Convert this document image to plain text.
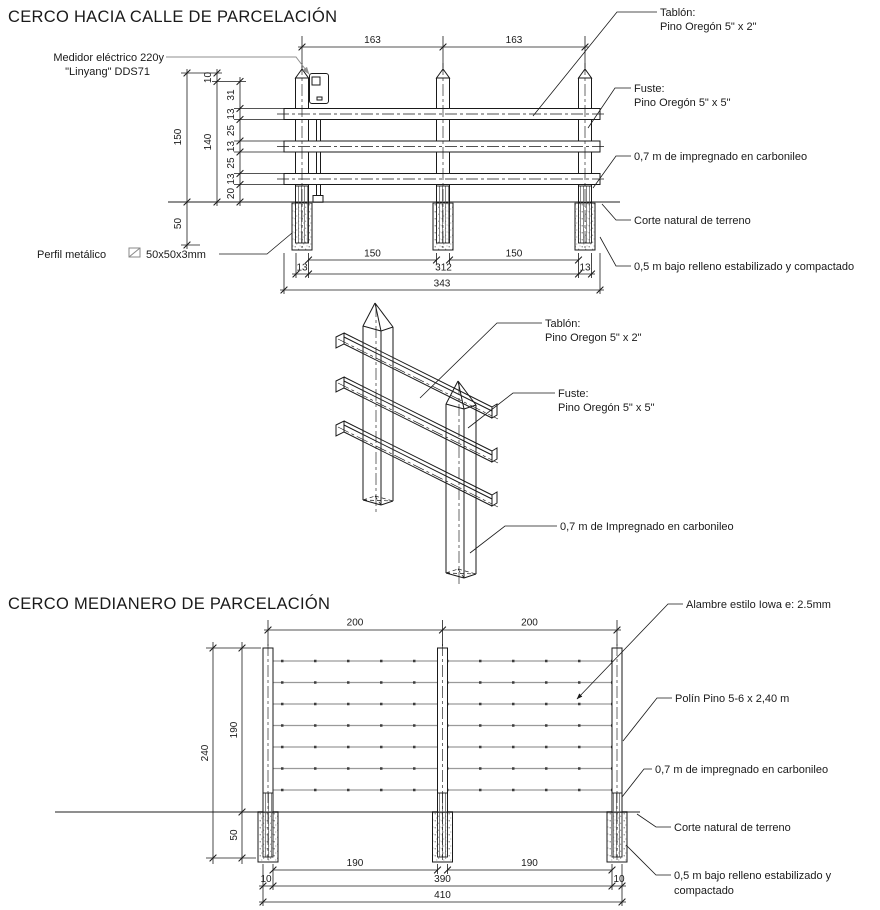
CERCO HACIA CALLE DE PARCELACIÓN
163	163
150
50
10
140
31
13
25
13
25
13
20
150	150
13	312	13
343
Medidor eléctrico 220y
"Linyang" DDS71
Tablón:
Pino Oregón 5" x 2"
Fuste:
Pino Oregón 5" x 5"
0,7 m de impregnado en carbonileo
Corte natural de terreno
0,5 m bajo relleno estabilizado y compactado
Perfil metálico	50x50x3mm
Tablón:
Pino Oregon 5" x 2"
Fuste:
Pino Oregón 5" x 5"
0,7 m de Impregnado en carbonileo
CERCO MEDIANERO DE PARCELACIÓN
200	200
240
190
50
190	190
10	390	10
410
Alambre estilo Iowa e: 2.5mm
Polín Pino 5-6 x 2,40 m
0,7 m de impregnado en carbonileo
Corte natural de terreno
0,5 m bajo relleno estabilizado y
compactado
